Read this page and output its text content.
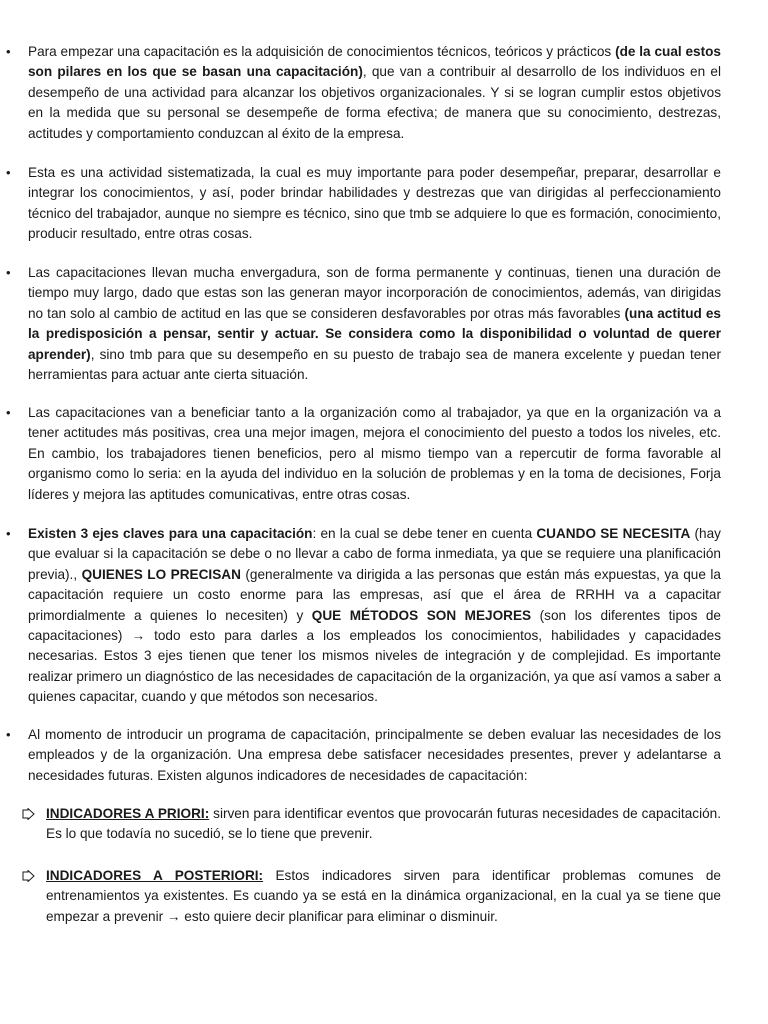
• Para empezar una capacitación es la adquisición de conocimientos técnicos, teóricos y prácticos (de la cual estos son pilares en los que se basan una capacitación), que van a contribuir al desarrollo de los individuos en el desempeño de una actividad para alcanzar los objetivos organizacionales. Y si se logran cumplir estos objetivos en la medida que su personal se desempeñe de forma efectiva; de manera que su conocimiento, destrezas, actitudes y comportamiento conduzcan al éxito de la empresa.

• Esta es una actividad sistematizada, la cual es muy importante para poder desempeñar, preparar, desarrollar e integrar los conocimientos, y así, poder brindar habilidades y destrezas que van dirigidas al perfeccionamiento técnico del trabajador, aunque no siempre es técnico, sino que tmb se adquiere lo que es formación, conocimiento, producir resultado, entre otras cosas.

• Las capacitaciones llevan mucha envergadura, son de forma permanente y continuas, tienen una duración de tiempo muy largo, dado que estas son las generan mayor incorporación de conocimientos, además, van dirigidas no tan solo al cambio de actitud en las que se consideren desfavorables por otras más favorables (una actitud es la predisposición a pensar, sentir y actuar. Se considera como la disponibilidad o voluntad de querer aprender), sino tmb para que su desempeño en su puesto de trabajo sea de manera excelente y puedan tener herramientas para actuar ante cierta situación.

• Las capacitaciones van a beneficiar tanto a la organización como al trabajador, ya que en la organización va a tener actitudes más positivas, crea una mejor imagen, mejora el conocimiento del puesto a todos los niveles, etc. En cambio, los trabajadores tienen beneficios, pero al mismo tiempo van a repercutir de forma favorable al organismo como lo seria: en la ayuda del individuo en la solución de problemas y en la toma de decisiones, Forja líderes y mejora las aptitudes comunicativas, entre otras cosas.

• Existen 3 ejes claves para una capacitación: en la cual se debe tener en cuenta CUANDO SE NECESITA (hay que evaluar si la capacitación se debe o no llevar a cabo de forma inmediata, ya que se requiere una planificación previa)., QUIENES LO PRECISAN (generalmente va dirigida a las personas que están más expuestas, ya que la capacitación requiere un costo enorme para las empresas, así que el área de RRHH va a capacitar primordialmente a quienes lo necesiten) y QUE MÉTODOS SON MEJORES (son los diferentes tipos de capacitaciones) → todo esto para darles a los empleados los conocimientos, habilidades y capacidades necesarias. Estos 3 ejes tienen que tener los mismos niveles de integración y de complejidad. Es importante realizar primero un diagnóstico de las necesidades de capacitación de la organización, ya que así vamos a saber a quienes capacitar, cuando y que métodos son necesarios.

• Al momento de introducir un programa de capacitación, principalmente se deben evaluar las necesidades de los empleados y de la organización. Una empresa debe satisfacer necesidades presentes, prever y adelantarse a necesidades futuras. Existen algunos indicadores de necesidades de capacitación:

INDICADORES A PRIORI: sirven para identificar eventos que provocarán futuras necesidades de capacitación. Es lo que todavía no sucedió, se lo tiene que prevenir.

INDICADORES A POSTERIORI: Estos indicadores sirven para identificar problemas comunes de entrenamientos ya existentes. Es cuando ya se está en la dinámica organizacional, en la cual ya se tiene que empezar a prevenir → esto quiere decir planificar para eliminar o disminuir.
